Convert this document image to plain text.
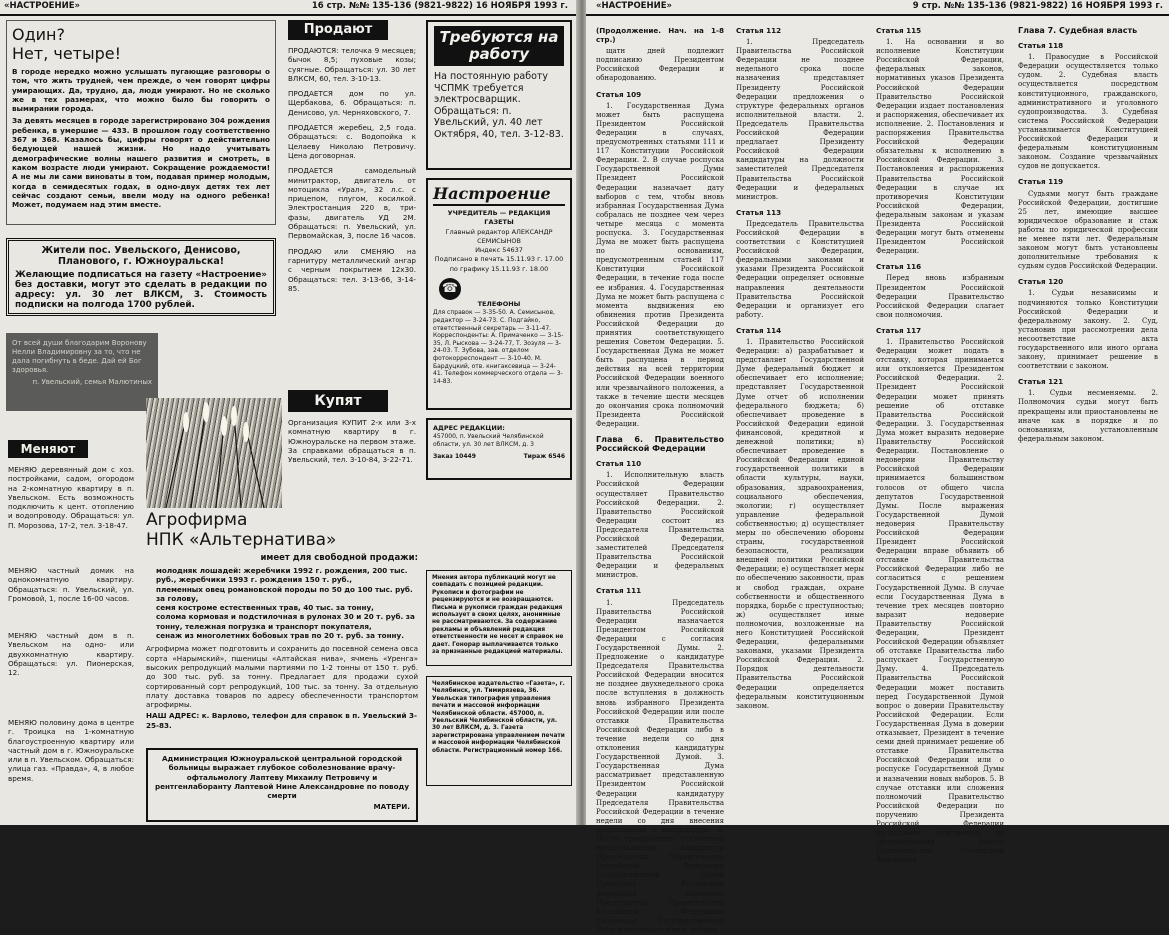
«НАСТРОЕНИЕ»	16 стр. №№ 135-136 (9821-9822) 16 НОЯБРЯ 1993 г.
Один?
Нет, четыре!
В городе нередко можно услышать пугающие разговоры о том, что жить трудней, чем прежде, о чем говорят цифры умирающих. Да, трудно, да, люди умирают. Но не сколько же в тех размерах, что можно было бы говорить о вымирании города.
За девять месяцев в городе зарегистрировано 304 рождения ребенка, в умершие — 433. В прошлом году соответственно 367 и 368. Казалось бы, цифры говорят о действительно бедующей нашей жизни. Но надо учитывать демографические волны нашего развития и смотреть, в каком возрасте люди умирают. Сокращение рождаемости! А не мы ли сами виноваты в том, подавая пример молодым, когда в семидесятых годах, в одно-двух детях тех лет сейчас создают семьи, ввели моду на одного ребенка! Может, подумаем над этим вместе.
Жители пос. Увельского, Денисово, Планового, г. Южноуральска!
Желающие подписаться на газету «Настроение» без доставки, могут это сделать в редакции по адресу: ул. 30 лет ВЛКСМ, 3. Стоимость подписки на полгода 1700 рублей.
От всей души благодарим Воронову Нелли Владимировну за то, что не дала погибнуть в беде. Дай ей Бог здоровья.
п. Увельский, семья Малютиных
Меняют
МЕНЯЮ деревянный дом с хоз. постройками, садом, огородом на 2-комнатную квартиру в п. Увельском. Есть возможность подключить к цент. отоплению и водопроводу. Обращаться: ул. П. Морозова, 17-2, тел. 3-18-47.
МЕНЯЮ частный домик на однокомнатную квартиру. Обращаться: п. Увельский, ул. Громовой, 1, после 16-00 часов.
МЕНЯЮ частный дом в п. Увельском на одно- или двухкомнатную квартиру. Обращаться: ул. Пионерская, 12.
МЕНЯЮ половину дома в центре г. Троицка на 1-комнатную благоустроенную квартиру или частный дом в г. Южноуральске или в п. Увельском. Обращаться: улица газ. «Правда», 4, в любое время.
Продают
ПРОДАЮТСЯ: телочка 9 месяцев; бычок 8,5; пуховые козы; суягные. Обращаться: ул. 30 лет ВЛКСМ, 60, тел. 3-10-13.
ПРОДАЕТСЯ дом по ул. Щербакова, 6. Обращаться: п. Денисово, ул. Черняховского, 7.
ПРОДАЕТСЯ жеребец, 2,5 года. Обращаться: с. Водопойка к Целаеву Николаю Петровичу. Цена договорная.
ПРОДАЕТСЯ самодельный минитрактор, двигатель от мотоцикла «Урал», 32 л.с. с прицепом, плугом, косилкой. Электростанция 220 в, три-фазы, двигатель УД 2М. Обращаться: п. Увельский, ул. Первомайская, 3, после 16 часов.
ПРОДАЮ или СМЕНЯЮ на гарнитуру металлический ангар с черным покрытием 12х30. Обращаться: тел. 3-13-66, 3-14-85.
Купят
Организация КУПИТ 2-х или 3-х комнатную квартиру в г. Южноуральске на первом этаже. За справками обращаться в п. Увельский, тел. 3-10-84, 3-22-71.
Агрофирма
НПК «Альтернатива»
имеет для свободной продажи:
молодняк лошадей: жеребчики 1992 г. рождения, 200 тыс. руб., жеребчики 1993 г. рождения 150 т. руб.,
племенных овец романовской породы по 50 до 100 тыс. руб. за голову,
семя костроме естественных трав, 40 тыс. за тонну,
солома кормовая и подстилочная в рулонах 30 и 20 т. руб. за тонну, тележная погрузка и транспорт покупателя,
сенаж из многолетних бобовых трав по 20 т. руб. за тонну.
Агрофирма может подготовить и сохранить до посевной семена овса сорта «Нарымский», пшеницы «Алтайская нива», ячмень «Уренга» высоких репродукций малыми партиями по 1-2 тонны от 150 т. руб. до 300 тыс. руб. за тонну. Предлагает для продажи сухой сортированный сорт репродукций, 100 тыс. за тонну. За отдельную плату доставка товаров по адресу обеспеченности транспортом агрофирмы.
НАШ АДРЕС: к. Варлово, телефон для справок в п. Увельский 3-25-83.
Администрация Южноуральской центральной городской больницы выражает глубокое соболезнование врачу-офтальмологу Лаптеву Михаилу Петровичу и рентгенлаборанту Лаптевой Нине Александровне по поводу смерти
МАТЕРИ.
Требуются на работу
На постоянную работу ЧСПМК требуется электросварщик. Обращаться: п. Увельский, ул. 40 лет Октября, 40, тел. 3-12-83.
Настроение
УЧРЕДИТЕЛЬ — РЕДАКЦИЯ ГАЗЕТЫ
Главный редактор АЛЕКСАНДР СЕМИСЫНОВ
Индекс 54637
Подписано в печать 15.11.93 г. 17.00
по графику 15.11.93 г. 18.00
☎
ТЕЛЕФОНЫ
Для справок — 3-35-50. А. Семисынов, редактор — 3-24-73. С. Подгайко, ответственный секретарь — 3-11-47. Корреспонденты: А. Примаченко — 3-15-35, Л. Рыскова — 3-24-77, Т. Зозуля — 3-24-03. Т. Зубова, зав. отделом фотокорреспондент — 3-10-40. М. Бардуцкий, отв. книгаксевица — 3-24-41. Телефон коммерческого отдела — 3-14-83.
АДРЕС РЕДАКЦИИ:
457000, п. Увельский Челябинской области, ул. 30 лет ВЛКСМ, д. 3
Заказ 10449	Тираж 6546
Мнения автора публикаций могут не совпадать с позицией редакции. Рукописи и фотографии не рецензируются и не возвращаются. Письма и рукописи граждан редакция использует в своих целях, анонимные не рассматриваются. За содержание рекламы и объявлений редакция ответственности не несет и справок не дает. Гонорар выплачивается только за признанные редакцией материалы.
Челябинское издательство «Газета», г. Челябинск, ул. Тимирязева, 36. Увельская типография управления печати и массовой информации Челябинской области. 457000, п. Увельский Челябинской области, ул. 30 лет ВЛКСМ, д. 3. Газета зарегистрирована управлением печати и массовой информации Челябинской области. Регистрационный номер 166.
«НАСТРОЕНИЕ»	9 стр. №№ 135-136 (9821-9822) 16 НОЯБРЯ 1993 г.
(Продолжение. Нач. на 1-8 стр.)
щатн дней подлежит подписанию Президентом Российской Федерации и обнародованию.
Статья 109
1. Государственная Дума может быть распущена Президентом Российской Федерации в случаях, предусмотренных статьями 111 и 117 Конституции Российской Федерации. 2. В случае роспуска Государственной Думы Президент Российской Федерации назначает дату выборов с тем, чтобы вновь избранная Государственная Дума собралась не позднее чем через четыре месяца с момента роспуска. 3. Государственная Дума не может быть распущена по основаниям, предусмотренным статьей 117 Конституции Российской Федерации, в течение года после ее избрания. 4. Государственная Дума не может быть распущена с момента выдвижения ею обвинения против Президента Российской Федерации до принятия соответствующего решения Советом Федерации. 5. Государственная Дума не может быть распущена в период действия на всей территории Российской Федерации военного или чрезвычайного положения, а также в течение шести месяцев до окончания срока полномочий Президента Российской Федерации.
Глава 6. Правительство Российской Федерации
Статья 110
1. Исполнительную власть Российской Федерации осуществляет Правительство Российской Федерации. 2. Правительство Российской Федерации состоит из Председателя Правительства Российской Федерации, заместителей Председателя Правительства Российской Федерации и федеральных министров.
Статья 111
1. Председатель Правительства Российской Федерации назначается Президентом Российской Федерации с согласия Государственной Думы. 2. Предложение о кандидатуре Председателя Правительства Российской Федерации вносится не позднее двухнедельного срока после вступления в должность вновь избранного Президента Российской Федерации или после отставки Правительства Российской Федерации либо в течение недели со дня отклонения кандидатуры Государственной Думой. 3. Государственная Дума рассматривает представленную Президентом Российской Федерации кандидатуру Председателя Правительства Российской Федерации в течение недели со дня внесения предложения о кандидатуре. 4. После трехкратного отклонения представленных кандидатур Председателя Правительства Российской Федерации Государственной Думой Президент Российской Федерации назначает Председателя Правительства Российской Федерации, распускает Государственную Думу и назначает новые выборы.
Статья 112
1. Председатель Правительства Российской Федерации не позднее недельного срока после назначения представляет Президенту Российской Федерации предложения о структуре федеральных органов исполнительной власти. 2. Председатель Правительства Российской Федерации предлагает Президенту Российской Федерации кандидатуры на должности заместителей Председателя Правительства Российской Федерации и федеральных министров.
Статья 113
Председатель Правительства Российской Федерации в соответствии с Конституцией Российской Федерации, федеральными законами и указами Президента Российской Федерации определяет основные направления деятельности Правительства Российской Федерации и организует его работу.
Статья 114
1. Правительство Российской Федерации: а) разрабатывает и представляет Государственной Думе федеральный бюджет и обеспечивает его исполнение; представляет Государственной Думе отчет об исполнении федерального бюджета; б) обеспечивает проведение в Российской Федерации единой финансовой, кредитной и денежной политики; в) обеспечивает проведение в Российской Федерации единой государственной политики в области культуры, науки, образования, здравоохранения, социального обеспечения, экологии; г) осуществляет управление федеральной собственностью; д) осуществляет меры по обеспечению обороны страны, государственной безопасности, реализации внешней политики Российской Федерации; е) осуществляет меры по обеспечению законности, прав и свобод граждан, охране собственности и общественного порядка, борьбе с преступностью; ж) осуществляет иные полномочия, возложенные на него Конституцией Российской Федерации, федеральными законами, указами Президента Российской Федерации. 2. Порядок деятельности Правительства Российской Федерации определяется федеральным конституционным законом.
Статья 115
1. На основании и во исполнение Конституции Российской Федерации, федеральных законов, нормативных указов Президента Российской Федерации Правительство Российской Федерации издает постановления и распоряжения, обеспечивает их исполнение. 2. Постановления и распоряжения Правительства Российской Федерации обязательны к исполнению в Российской Федерации. 3. Постановления и распоряжения Правительства Российской Федерации в случае их противоречия Конституции Российской Федерации, федеральным законам и указам Президента Российской Федерации могут быть отменены Президентом Российской Федерации.
Статья 116
Перед вновь избранным Президентом Российской Федерации Правительство Российской Федерации слагает свои полномочия.
Статья 117
1. Правительство Российской Федерации может подать в отставку, которая принимается или отклоняется Президентом Российской Федерации. 2. Президент Российской Федерации может принять решение об отставке Правительства Российской Федерации. 3. Государственная Дума может выразить недоверие Правительству Российской Федерации. Постановление о недоверии Правительству Российской Федерации принимается большинством голосов от общего числа депутатов Государственной Думы. После выражения Государственной Думой недоверия Правительству Российской Федерации Президент Российской Федерации вправе объявить об отставке Правительства Российской Федерации либо не согласиться с решением Государственной Думы. В случае если Государственная Дума в течение трех месяцев повторно выразит недоверие Правительству Российской Федерации, Президент Российской Федерации объявляет об отставке Правительства либо распускает Государственную Думу. 4. Председатель Правительства Российской Федерации может поставить перед Государственной Думой вопрос о доверии Правительству Российской Федерации. Если Государственная Дума в доверии отказывает, Президент в течение семи дней принимает решение об отставке Правительства Российской Федерации или о роспуске Государственной Думы и назначении новых выборов. 5. В случае отставки или сложения полномочий Правительство Российской Федерации по поручению Президента Российской Федерации продолжает действовать до сформирования нового Правительства Российской Федерации.
Глава 7. Судебная власть
Статья 118
1. Правосудие в Российской Федерации осуществляется только судом. 2. Судебная власть осуществляется посредством конституционного, гражданского, административного и уголовного судопроизводства. 3. Судебная система Российской Федерации устанавливается Конституцией Российской Федерации и федеральным конституционным законом. Создание чрезвычайных судов не допускается.
Статья 119
Судьями могут быть граждане Российской Федерации, достигшие 25 лет, имеющие высшее юридическое образование и стаж работы по юридической профессии не менее пяти лет. Федеральным законом могут быть установлены дополнительные требования к судьям судов Российской Федерации.
Статья 120
1. Судьи независимы и подчиняются только Конституции Российской Федерации и федеральному закону. 2. Суд, установив при рассмотрении дела несоответствие акта государственного или иного органа закону, принимает решение в соответствии с законом.
Статья 121
1. Судьи несменяемы. 2. Полномочия судьи могут быть прекращены или приостановлены не иначе как в порядке и по основаниям, установленным федеральным законом.
